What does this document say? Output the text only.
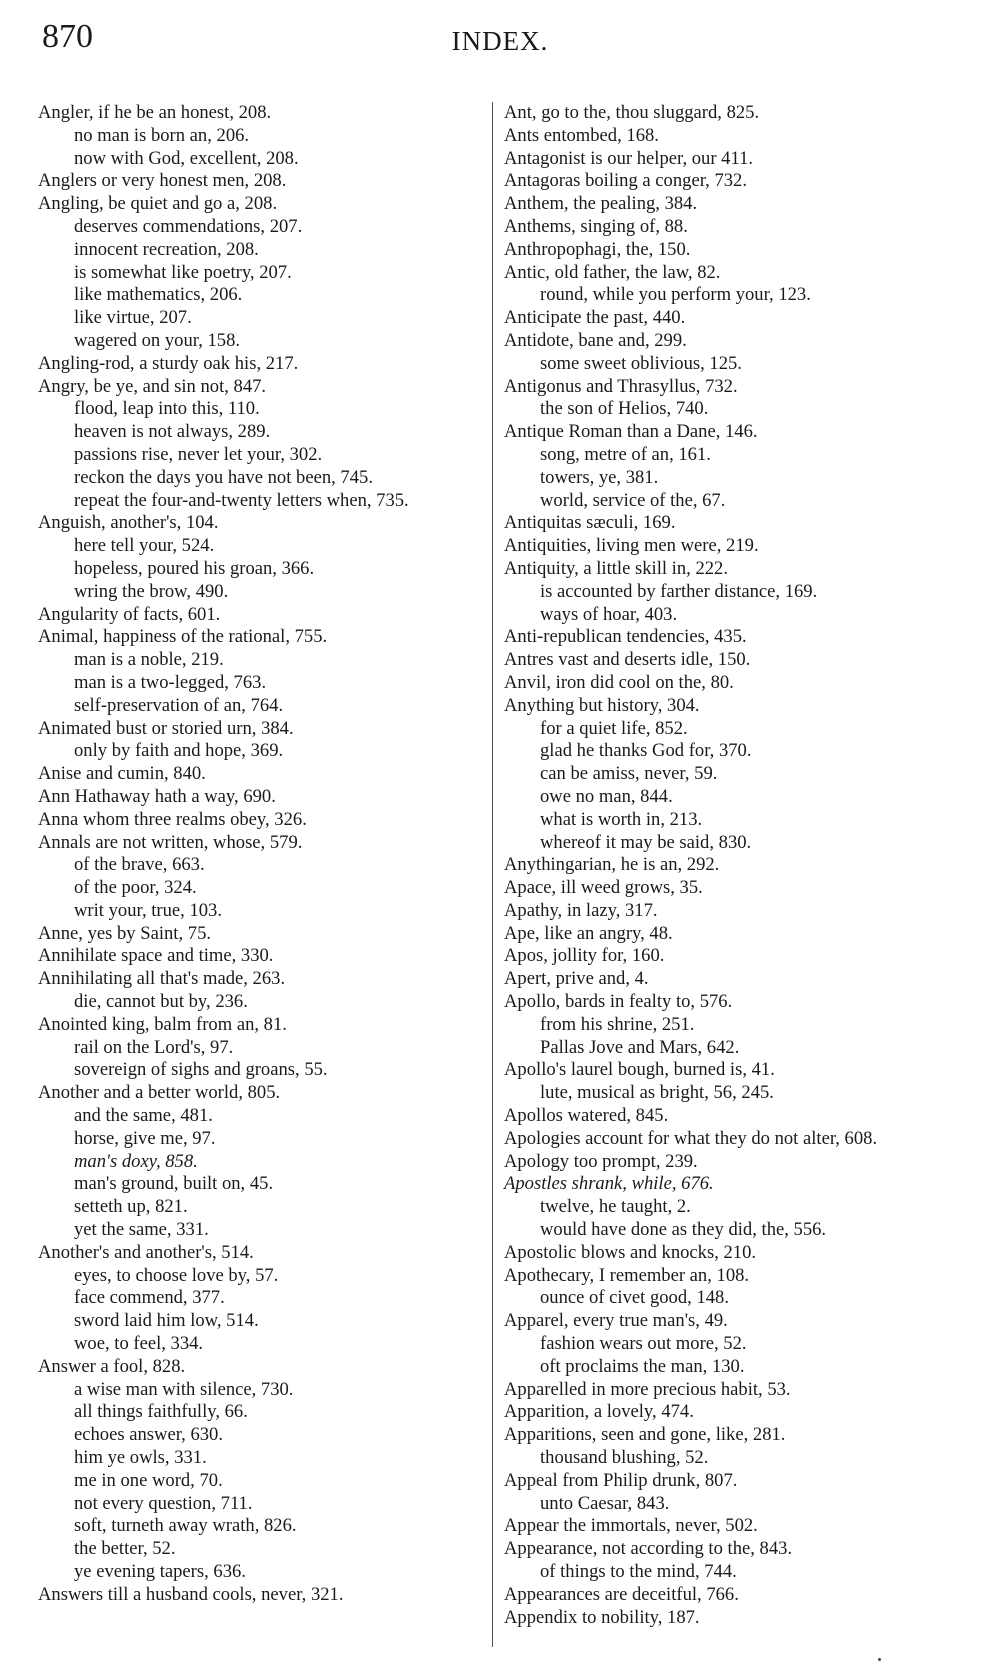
870	INDEX.
Angler, if he be an honest, 208.
no man is born an, 206.
now with God, excellent, 208.
Anglers or very honest men, 208.
Angling, be quiet and go a, 208.
deserves commendations, 207.
innocent recreation, 208.
is somewhat like poetry, 207.
like mathematics, 206.
like virtue, 207.
wagered on your, 158.
Angling-rod, a sturdy oak his, 217.
Angry, be ye, and sin not, 847.
flood, leap into this, 110.
heaven is not always, 289.
passions rise, never let your, 302.
reckon the days you have not been, 745.
repeat the four-and-twenty letters when, 735.
Anguish, another's, 104.
here tell your, 524.
hopeless, poured his groan, 366.
wring the brow, 490.
Angularity of facts, 601.
Animal, happiness of the rational, 755.
man is a noble, 219.
man is a two-legged, 763.
self-preservation of an, 764.
Animated bust or storied urn, 384.
only by faith and hope, 369.
Anise and cumin, 840.
Ann Hathaway hath a way, 690.
Anna whom three realms obey, 326.
Annals are not written, whose, 579.
of the brave, 663.
of the poor, 324.
writ your, true, 103.
Anne, yes by Saint, 75.
Annihilate space and time, 330.
Annihilating all that's made, 263.
die, cannot but by, 236.
Anointed king, balm from an, 81.
rail on the Lord's, 97.
sovereign of sighs and groans, 55.
Another and a better world, 805.
and the same, 481.
horse, give me, 97.
man's doxy, 858.
man's ground, built on, 45.
setteth up, 821.
yet the same, 331.
Another's and another's, 514.
eyes, to choose love by, 57.
face commend, 377.
sword laid him low, 514.
woe, to feel, 334.
Answer a fool, 828.
a wise man with silence, 730.
all things faithfully, 66.
echoes answer, 630.
him ye owls, 331.
me in one word, 70.
not every question, 711.
soft, turneth away wrath, 826.
the better, 52.
ye evening tapers, 636.
Answers till a husband cools, never, 321.
Ant, go to the, thou sluggard, 825.
Ants entombed, 168.
Antagonist is our helper, our 411.
Antagoras boiling a conger, 732.
Anthem, the pealing, 384.
Anthems, singing of, 88.
Anthropophagi, the, 150.
Antic, old father, the law, 82.
round, while you perform your, 123.
Anticipate the past, 440.
Antidote, bane and, 299.
some sweet oblivious, 125.
Antigonus and Thrasyllus, 732.
the son of Helios, 740.
Antique Roman than a Dane, 146.
song, metre of an, 161.
towers, ye, 381.
world, service of the, 67.
Antiquitas sæculi, 169.
Antiquities, living men were, 219.
Antiquity, a little skill in, 222.
is accounted by farther distance, 169.
ways of hoar, 403.
Anti-republican tendencies, 435.
Antres vast and deserts idle, 150.
Anvil, iron did cool on the, 80.
Anything but history, 304.
for a quiet life, 852.
glad he thanks God for, 370.
can be amiss, never, 59.
owe no man, 844.
what is worth in, 213.
whereof it may be said, 830.
Anythingarian, he is an, 292.
Apace, ill weed grows, 35.
Apathy, in lazy, 317.
Ape, like an angry, 48.
Apos, jollity for, 160.
Apert, prive and, 4.
Apollo, bards in fealty to, 576.
from his shrine, 251.
Pallas Jove and Mars, 642.
Apollo's laurel bough, burned is, 41.
lute, musical as bright, 56, 245.
Apollos watered, 845.
Apologies account for what they do not alter, 608.
Apology too prompt, 239.
Apostles shrank, while, 676.
twelve, he taught, 2.
would have done as they did, the, 556.
Apostolic blows and knocks, 210.
Apothecary, I remember an, 108.
ounce of civet good, 148.
Apparel, every true man's, 49.
fashion wears out more, 52.
oft proclaims the man, 130.
Apparelled in more precious habit, 53.
Apparition, a lovely, 474.
Apparitions, seen and gone, like, 281.
thousand blushing, 52.
Appeal from Philip drunk, 807.
unto Caesar, 843.
Appear the immortals, never, 502.
Appearance, not according to the, 843.
of things to the mind, 744.
Appearances are deceitful, 766.
Appendix to nobility, 187.
